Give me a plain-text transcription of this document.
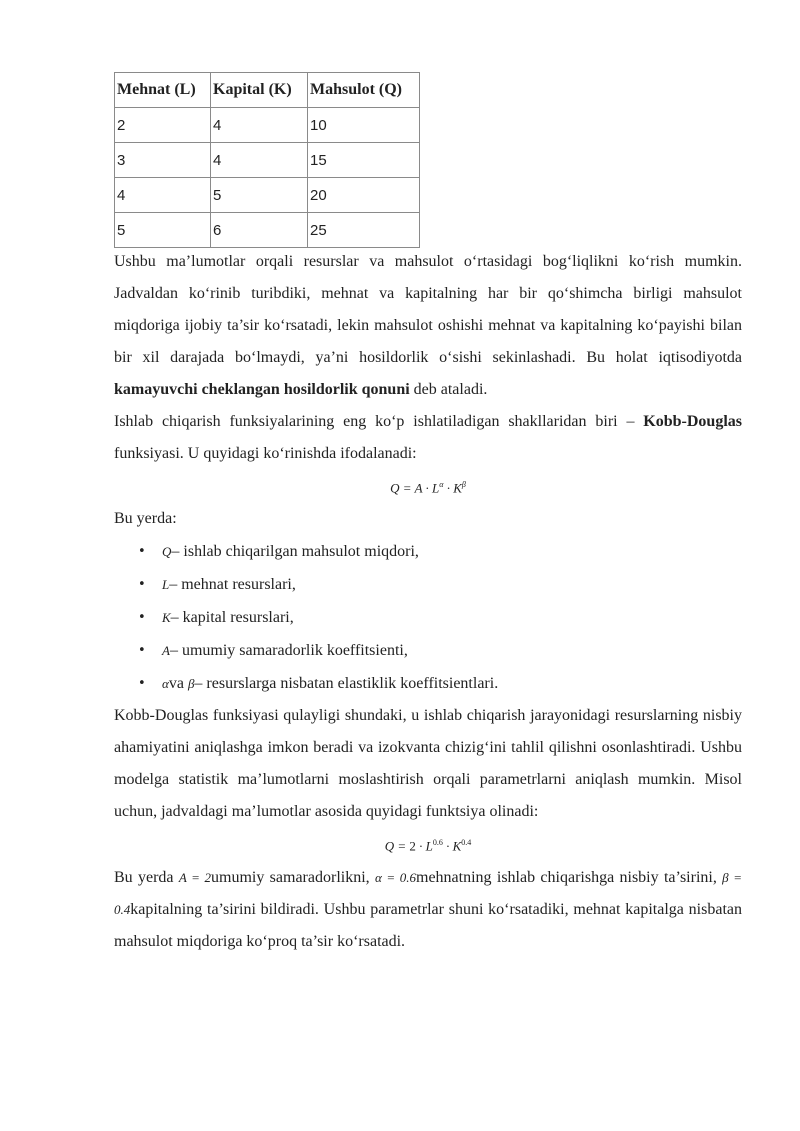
Mehnat (L)	Kapital (K)	Mahsulot (Q)
2	4	10
3	4	15
4	5	20
5	6	25

Ushbu ma’lumotlar orqali resurslar va mahsulot o‘rtasidagi bog‘liqlikni ko‘rish mumkin. Jadvaldan ko‘rinib turibdiki, mehnat va kapitalning har bir qo‘shimcha birligi mahsulot miqdoriga ijobiy ta’sir ko‘rsatadi, lekin mahsulot oshishi mehnat va kapitalning ko‘payishi bilan bir xil darajada bo‘lmaydi, ya’ni hosildorlik o‘sishi sekinlashadi. Bu holat iqtisodiyotda kamayuvchi cheklangan hosildorlik qonuni deb ataladi.

Ishlab chiqarish funksiyalarining eng ko‘p ishlatiladigan shakllaridan biri – Kobb-Douglas funksiyasi. U quyidagi ko‘rinishda ifodalanadi:

$Q = A \cdot L^\alpha \cdot K^\beta$

Bu yerda:

• Q– ishlab chiqarilgan mahsulot miqdori,
• L– mehnat resurslari,
• K– kapital resurslari,
• A– umumiy samaradorlik koeffitsienti,
• αva β– resurslarga nisbatan elastiklik koeffitsientlari.

Kobb-Douglas funksiyasi qulayligi shundaki, u ishlab chiqarish jarayonidagi resurslarning nisbiy ahamiyatini aniqlashga imkon beradi va izokvanta chizig‘ini tahlil qilishni osonlashtiradi. Ushbu modelga statistik ma’lumotlarni moslashtirish orqali parametrlarni aniqlash mumkin. Misol uchun, jadvaldagi ma’lumotlar asosida quyidagi funktsiya olinadi:

$Q = 2 \cdot L^{0.6} \cdot K^{0.4}$

Bu yerda A = 2umumiy samaradorlikni, α = 0.6mehnatning ishlab chiqarishga nisbiy ta’sirini, β = 0.4kapitalning ta’sirini bildiradi. Ushbu parametrlar shuni ko‘rsatadiki, mehnat kapitalga nisbatan mahsulot miqdoriga ko‘proq ta’sir ko‘rsatadi.
